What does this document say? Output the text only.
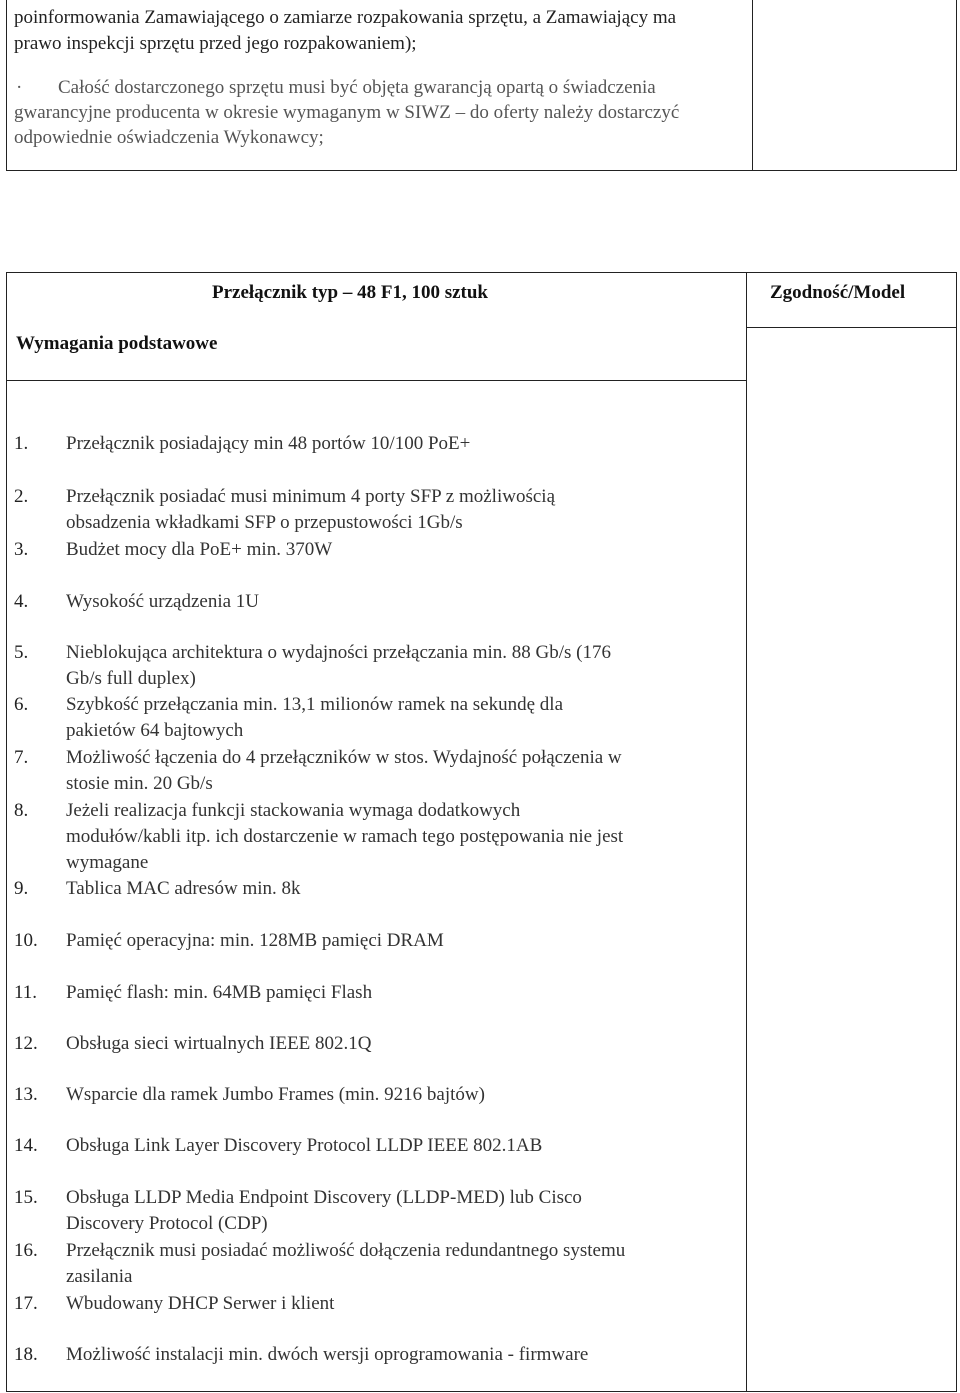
poinformowania Zamawiającego o zamiarze rozpakowania sprzętu, a Zamawiający ma
prawo inspekcji sprzętu przed jego rozpakowaniem);
· Całość dostarczonego sprzętu musi być objęta gwarancją opartą o świadczenia
gwarancyjne producenta w okresie wymaganym w SIWZ – do oferty należy dostarczyć
odpowiednie oświadczenia Wykonawcy;
Przełącznik typ – 48 F1, 100 sztuk	Zgodność/Model
Wymagania podstawowe
1. Przełącznik posiadający min 48 portów 10/100 PoE+
2. Przełącznik posiadać musi minimum 4 porty SFP z możliwością
obsadzenia wkładkami SFP o przepustowości 1Gb/s
3. Budżet mocy dla PoE+ min. 370W
4. Wysokość urządzenia 1U
5. Nieblokująca architektura o wydajności przełączania min. 88 Gb/s (176
Gb/s full duplex)
6. Szybkość przełączania min. 13,1 milionów ramek na sekundę dla
pakietów 64 bajtowych
7. Możliwość łączenia do 4 przełączników w stos. Wydajność połączenia w
stosie min. 20 Gb/s
8. Jeżeli realizacja funkcji stackowania wymaga dodatkowych
modułów/kabli itp. ich dostarczenie w ramach tego postępowania nie jest
wymagane
9. Tablica MAC adresów min. 8k
10. Pamięć operacyjna: min. 128MB pamięci DRAM
11. Pamięć flash: min. 64MB pamięci Flash
12. Obsługa sieci wirtualnych IEEE 802.1Q
13. Wsparcie dla ramek Jumbo Frames (min. 9216 bajtów)
14. Obsługa Link Layer Discovery Protocol LLDP IEEE 802.1AB
15. Obsługa LLDP Media Endpoint Discovery (LLDP-MED) lub Cisco
Discovery Protocol (CDP)
16. Przełącznik musi posiadać możliwość dołączenia redundantnego systemu
zasilania
17. Wbudowany DHCP Serwer i klient
18. Możliwość instalacji min. dwóch wersji oprogramowania - firmware
